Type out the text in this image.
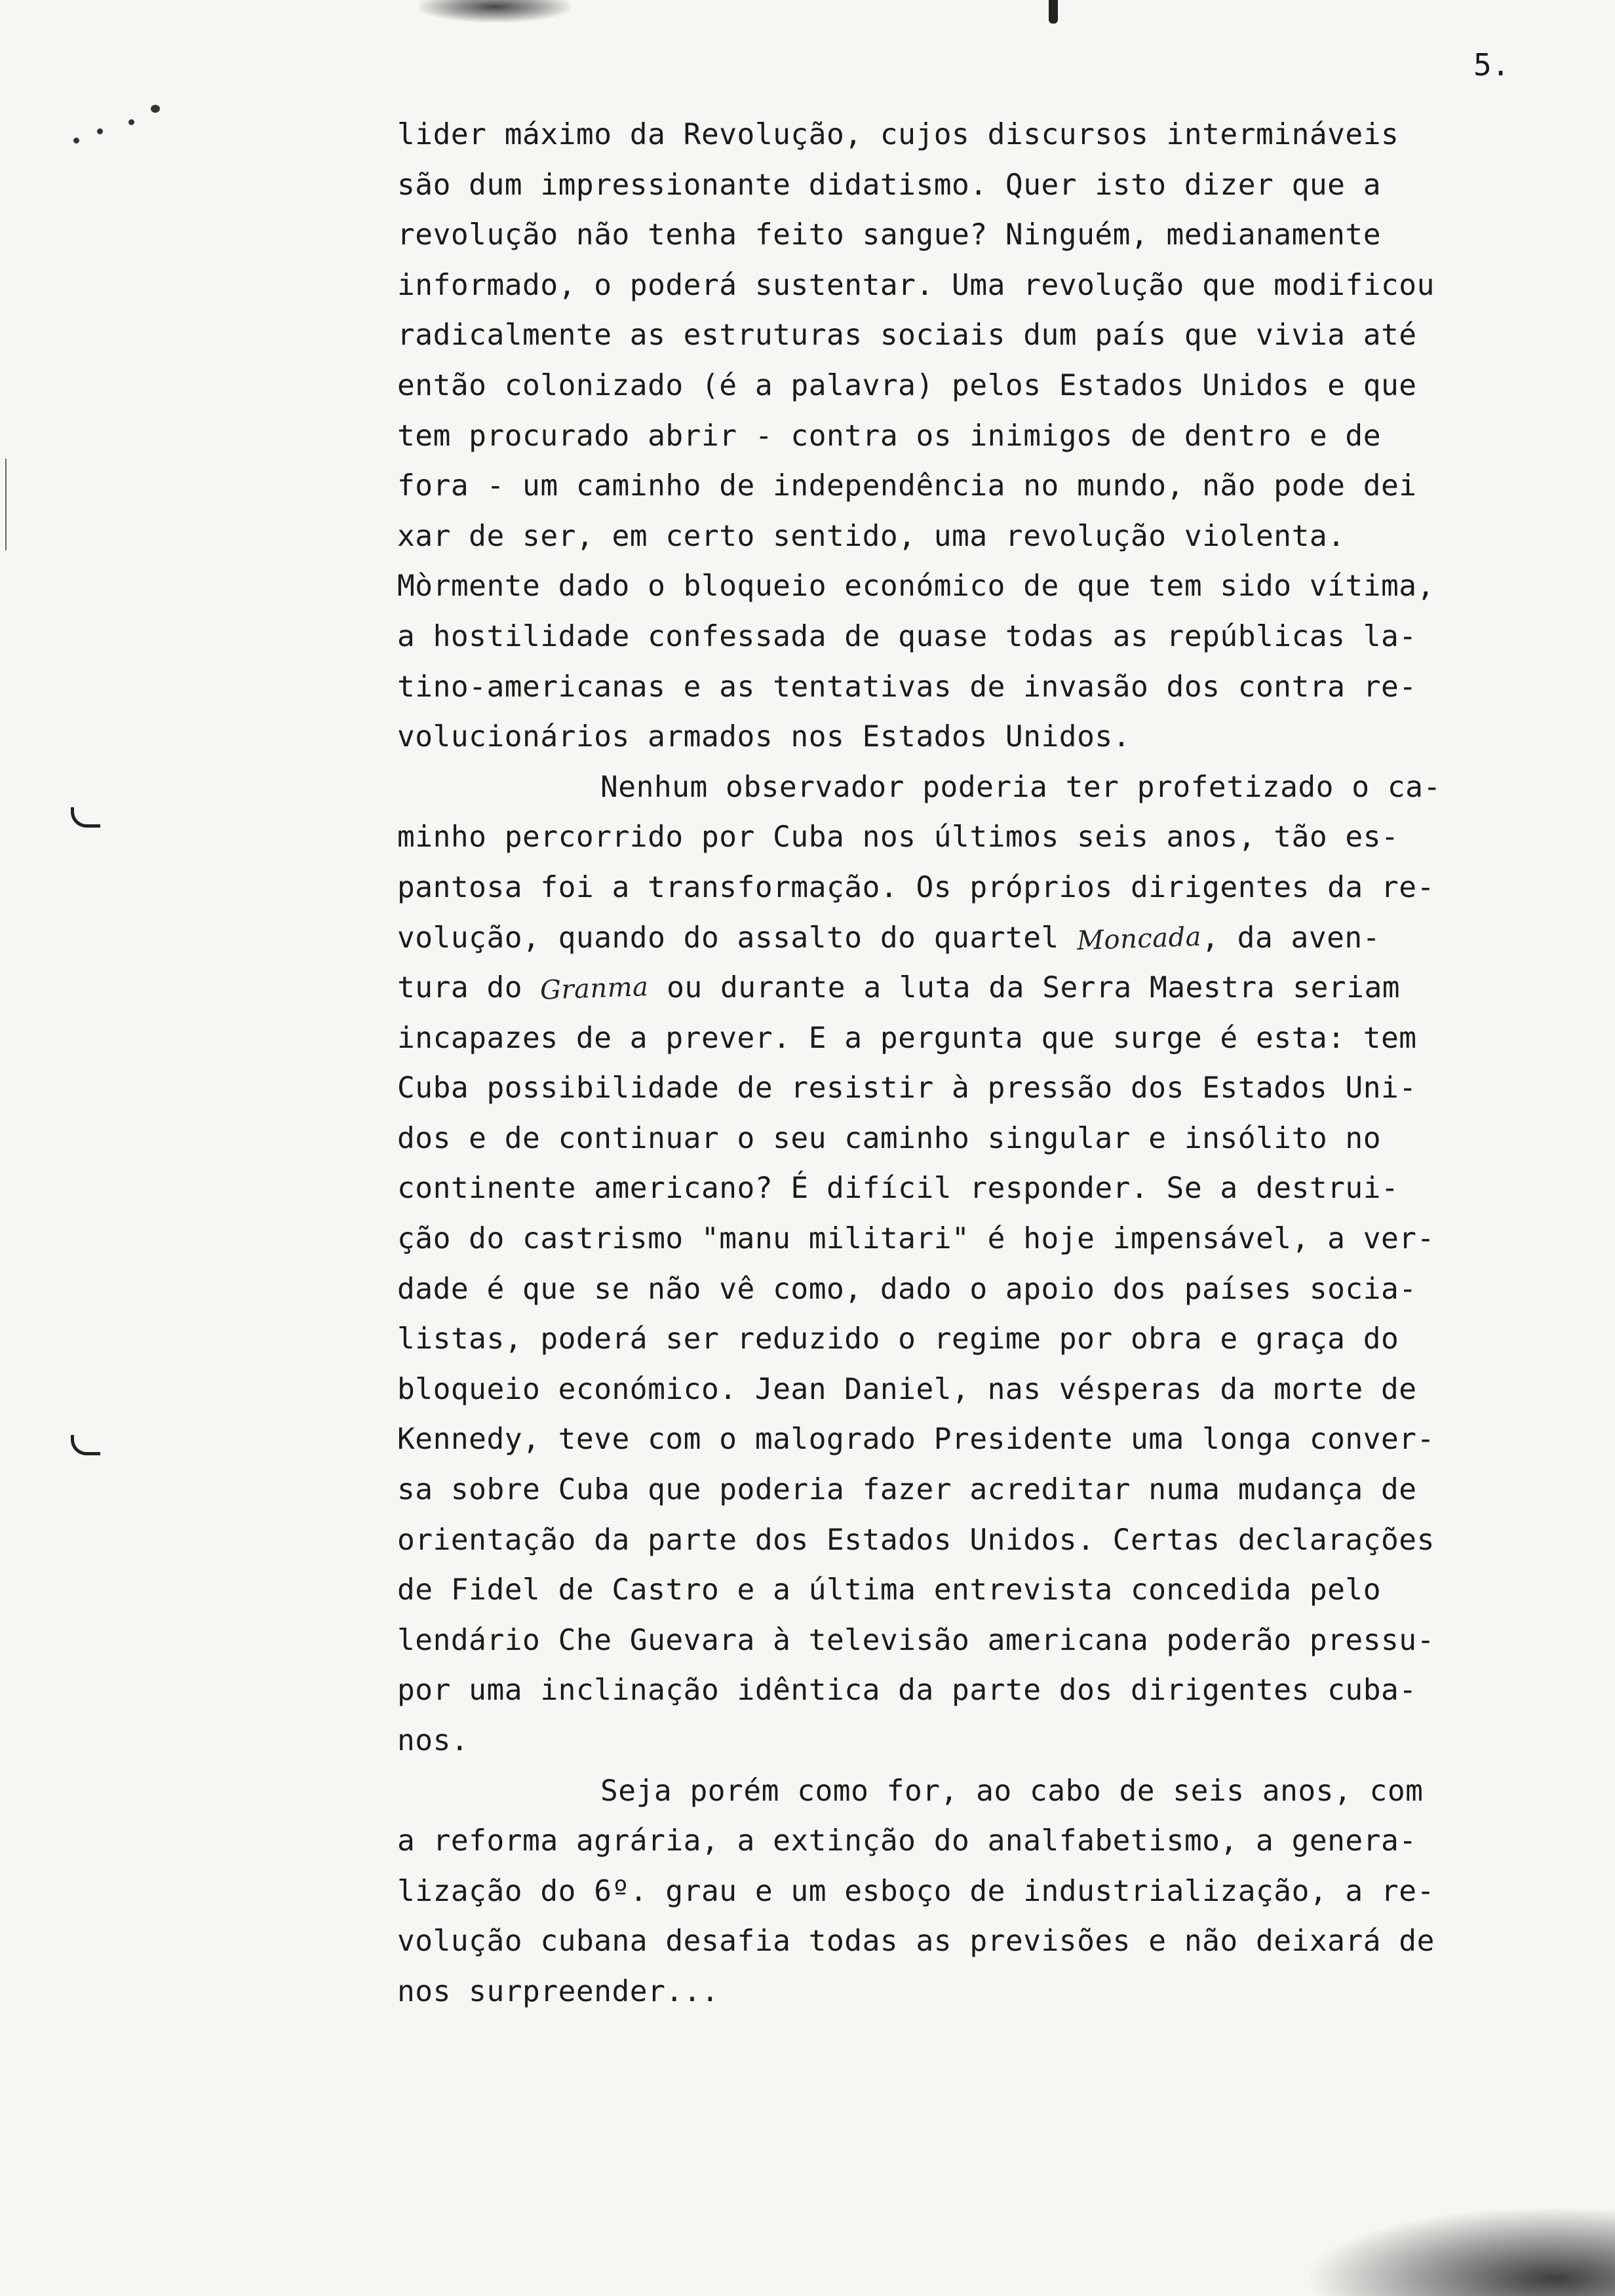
5.
lider máximo da Revolução, cujos discursos intermináveis
são dum impressionante didatismo. Quer isto dizer que a
revolução não tenha feito sangue? Ninguém, medianamente
informado, o poderá sustentar. Uma revolução que modificou
radicalmente as estruturas sociais dum país que vivia até
então colonizado (é a palavra) pelos Estados Unidos e que
tem procurado abrir - contra os inimigos de dentro e de
fora - um caminho de independência no mundo, não pode dei
xar de ser, em certo sentido, uma revolução violenta.
Mòrmente dado o bloqueio económico de que tem sido vítima,
a hostilidade confessada de quase todas as repúblicas la-
tino-americanas e as tentativas de invasão dos contra re-
volucionários armados nos Estados Unidos.
Nenhum observador poderia ter profetizado o ca-
minho percorrido por Cuba nos últimos seis anos, tão es-
pantosa foi a transformação. Os próprios dirigentes da re-
volução, quando do assalto do quartel Moncada, da aven-
tura do Granma ou durante a luta da Serra Maestra seriam
incapazes de a prever. E a pergunta que surge é esta: tem
Cuba possibilidade de resistir à pressão dos Estados Uni-
dos e de continuar o seu caminho singular e insólito no
continente americano? É difícil responder. Se a destrui-
ção do castrismo "manu militari" é hoje impensável, a ver-
dade é que se não vê como, dado o apoio dos países socia-
listas, poderá ser reduzido o regime por obra e graça do
bloqueio económico. Jean Daniel, nas vésperas da morte de
Kennedy, teve com o malogrado Presidente uma longa conver-
sa sobre Cuba que poderia fazer acreditar numa mudança de
orientação da parte dos Estados Unidos. Certas declarações
de Fidel de Castro e a última entrevista concedida pelo
lendário Che Guevara à televisão americana poderão pressu-
por uma inclinação idêntica da parte dos dirigentes cuba-
nos.
Seja porém como for, ao cabo de seis anos, com
a reforma agrária, a extinção do analfabetismo, a genera-
lização do 6º. grau e um esboço de industrialização, a re-
volução cubana desafia todas as previsões e não deixará de
nos surpreender...
